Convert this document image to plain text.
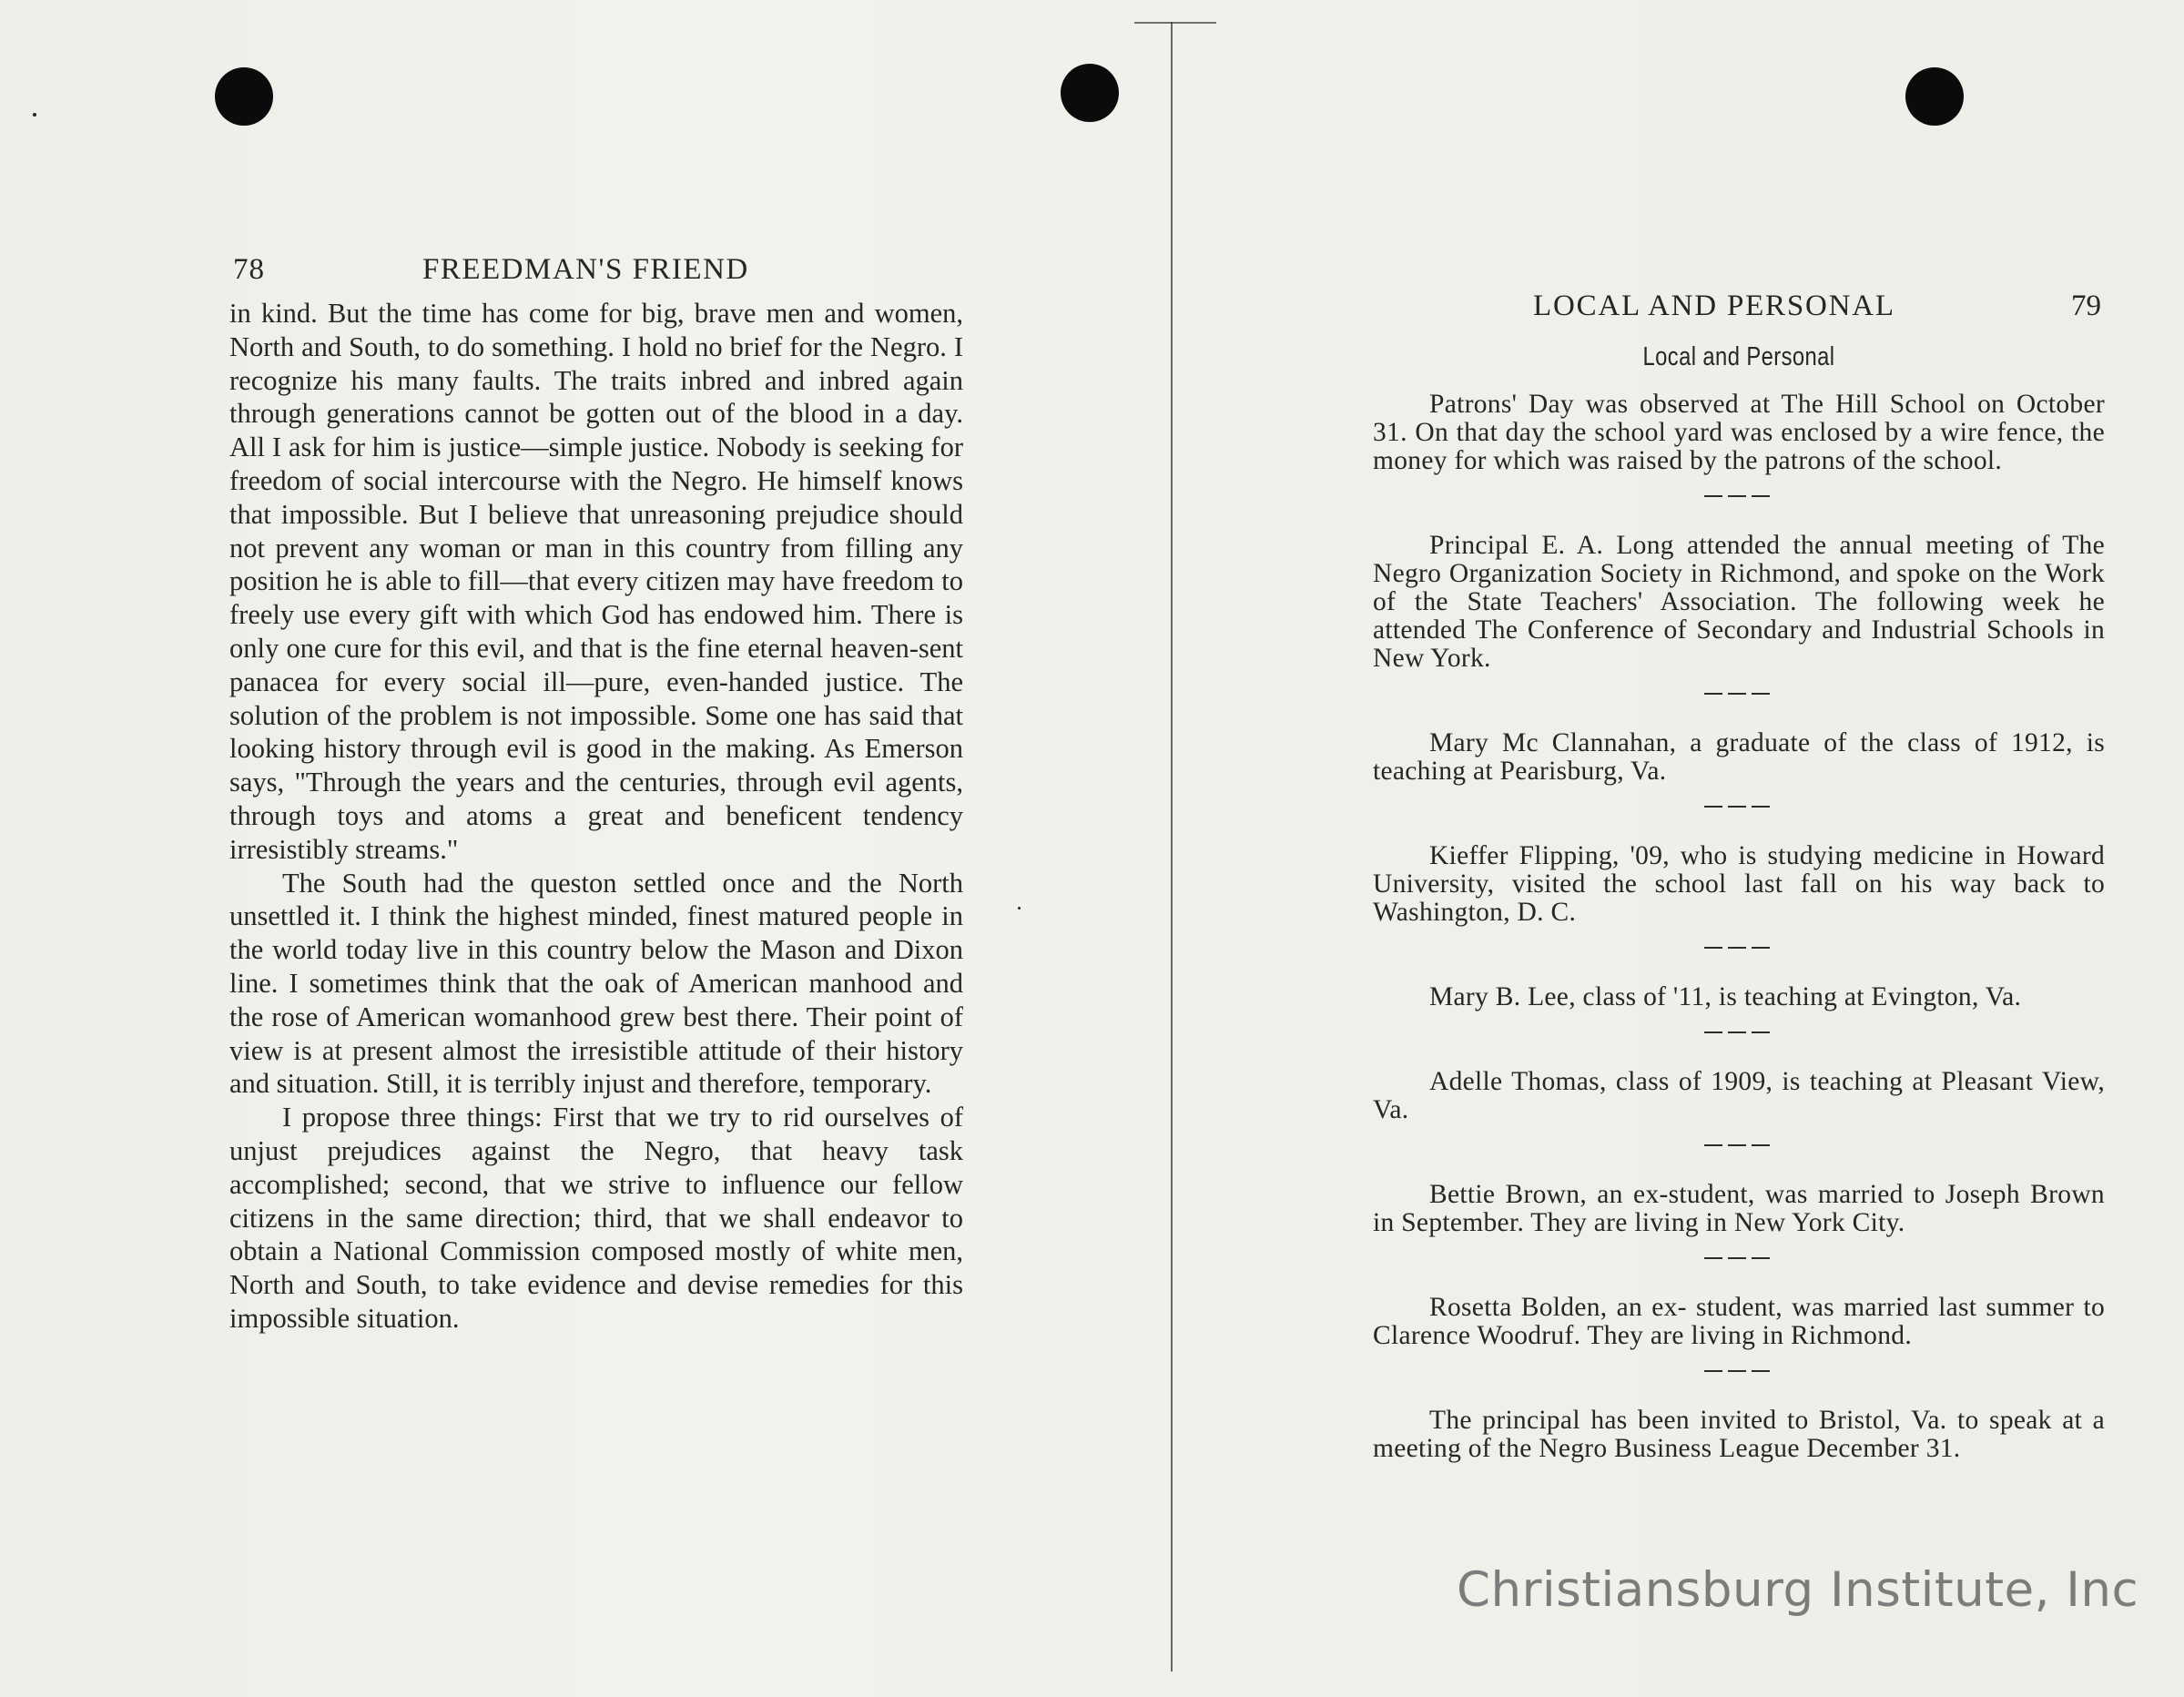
78	FREEDMAN'S FRIEND

in kind. But the time has come for big, brave men and women, North and South, to do something. I hold no brief for the Negro. I recognize his many faults. The traits inbred and inbred again through generations cannot be gotten out of the blood in a day. All I ask for him is justice—simple justice. Nobody is seeking for freedom of social intercourse with the Negro. He himself knows that impossible. But I believe that unreasoning prejudice should not prevent any woman or man in this country from filling any position he is able to fill—that every citizen may have freedom to freely use every gift with which God has endowed him. There is only one cure for this evil, and that is the fine eternal heaven-sent panacea for every social ill—pure, even-handed justice. The solution of the problem is not impossible. Some one has said that looking history through evil is good in the making. As Emerson says, "Through the years and the centuries, through evil agents, through toys and atoms a great and beneficent tendency irresistibly streams."

The South had the queston settled once and the North unsettled it. I think the highest minded, finest matured people in the world today live in this country below the Mason and Dixon line. I sometimes think that the oak of American manhood and the rose of American womanhood grew best there. Their point of view is at present almost the irresistible attitude of their history and situation. Still, it is terribly injust and therefore, temporary.

I propose three things: First that we try to rid ourselves of unjust prejudices against the Negro, that heavy task accomplished; second, that we strive to influence our fellow citizens in the same direction; third, that we shall endeavor to obtain a National Commission composed mostly of white men, North and South, to take evidence and devise remedies for this impossible situation.

LOCAL AND PERSONAL	79
Local and Personal

Patrons' Day was observed at The Hill School on October 31. On that day the school yard was enclosed by a wire fence, the money for which was raised by the patrons of the school.

Principal E. A. Long attended the annual meeting of The Negro Organization Society in Richmond, and spoke on the Work of the State Teachers' Association. The following week he attended The Conference of Secondary and Industrial Schools in New York.

Mary Mc Clannahan, a graduate of the class of 1912, is teaching at Pearisburg, Va.

Kieffer Flipping, '09, who is studying medicine in Howard University, visited the school last fall on his way back to Washington, D. C.

Mary B. Lee, class of '11, is teaching at Evington, Va.

Adelle Thomas, class of 1909, is teaching at Pleasant View, Va.

Bettie Brown, an ex-student, was married to Joseph Brown in September. They are living in New York City.

Rosetta Bolden, an ex- student, was married last summer to Clarence Woodruf. They are living in Richmond.

The principal has been invited to Bristol, Va. to speak at a meeting of the Negro Business League December 31.

Christiansburg Institute, Inc
